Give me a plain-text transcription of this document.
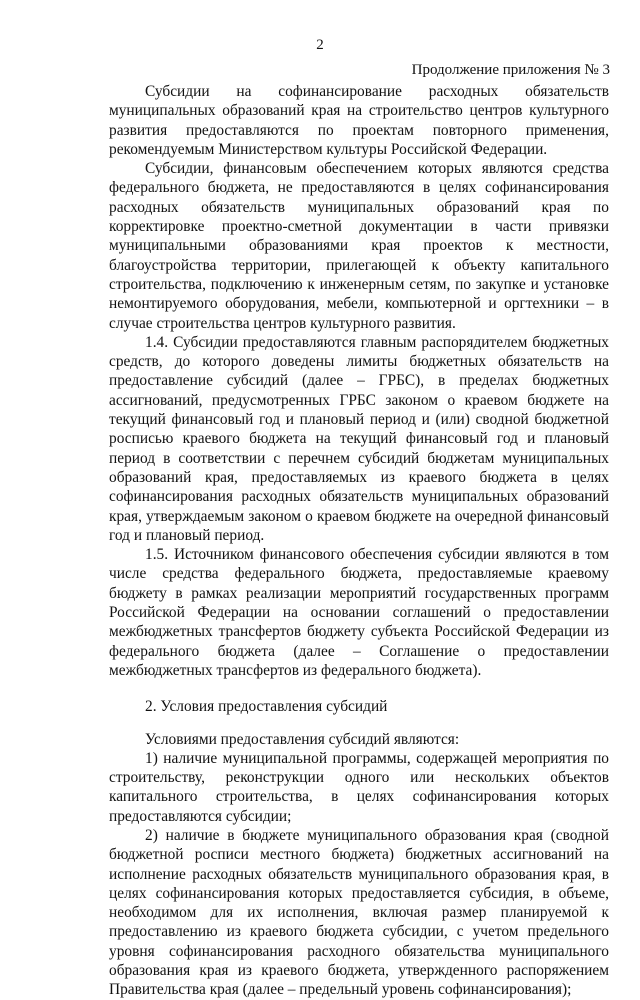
2
Продолжение приложения № 3

Субсидии на софинансирование расходных обязательств муниципальных образований края на строительство центров культурного развития предоставляются по проектам повторного применения, рекомендуемым Министерством культуры Российской Федерации.

Субсидии, финансовым обеспечением которых являются средства федерального бюджета, не предоставляются в целях софинансирования расходных обязательств муниципальных образований края по корректировке проектно-сметной документации в части привязки муниципальными образованиями края проектов к местности, благоустройства территории, прилегающей к объекту капитального строительства, подключению к инженерным сетям, по закупке и установке немонтируемого оборудования, мебели, компьютерной и оргтехники – в случае строительства центров культурного развития.

1.4. Субсидии предоставляются главным распорядителем бюджетных средств, до которого доведены лимиты бюджетных обязательств на предоставление субсидий (далее – ГРБС), в пределах бюджетных ассигнований, предусмотренных ГРБС законом о краевом бюджете на текущий финансовый год и плановый период и (или) сводной бюджетной росписью краевого бюджета на текущий финансовый год и плановый период в соответствии с перечнем субсидий бюджетам муниципальных образований края, предоставляемых из краевого бюджета в целях софинансирования расходных обязательств муниципальных образований края, утверждаемым законом о краевом бюджете на очередной финансовый год и плановый период.

1.5. Источником финансового обеспечения субсидии являются в том числе средства федерального бюджета, предоставляемые краевому бюджету в рамках реализации мероприятий государственных программ Российской Федерации на основании соглашений о предоставлении межбюджетных трансфертов бюджету субъекта Российской Федерации из федерального бюджета (далее – Соглашение о предоставлении межбюджетных трансфертов из федерального бюджета).

2. Условия предоставления субсидий

Условиями предоставления субсидий являются:

1) наличие муниципальной программы, содержащей мероприятия по строительству, реконструкции одного или нескольких объектов капитального строительства, в целях софинансирования которых предоставляются субсидии;

2) наличие в бюджете муниципального образования края (сводной бюджетной росписи местного бюджета) бюджетных ассигнований на исполнение расходных обязательств муниципального образования края, в целях софинансирования которых предоставляется субсидия, в объеме, необходимом для их исполнения, включая размер планируемой к предоставлению из краевого бюджета субсидии, с учетом предельного уровня софинансирования расходного обязательства муниципального образования края из краевого бюджета, утвержденного распоряжением Правительства края (далее – предельный уровень софинансирования);
